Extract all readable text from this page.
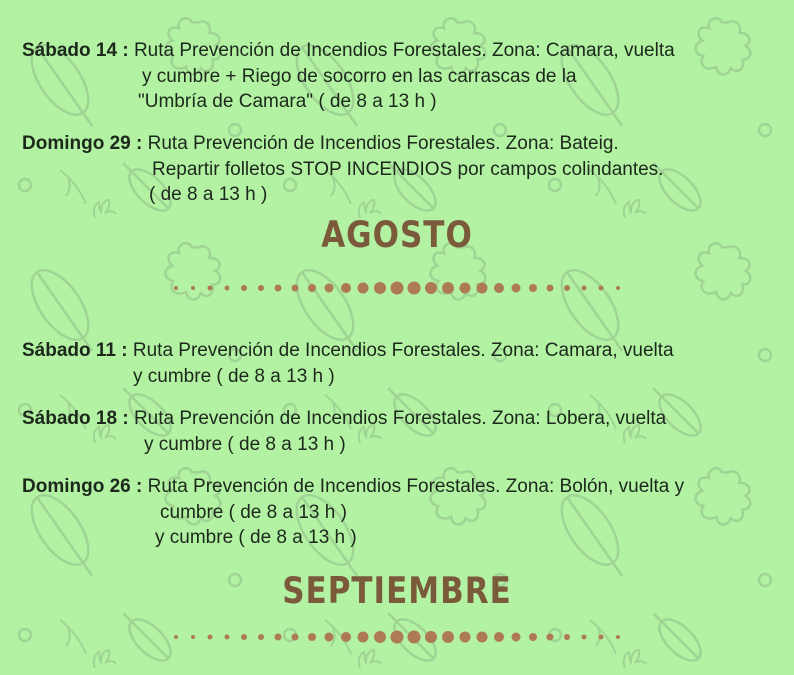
Sábado 14 : Ruta Prevención de Incendios Forestales. Zona: Camara, vuelta
y cumbre + Riego de socorro en las carrascas de la
"Umbría de Camara" ( de 8 a 13 h )
Domingo 29 : Ruta Prevención de Incendios Forestales. Zona: Bateig.
Repartir folletos STOP INCENDIOS por campos colindantes.
( de 8 a 13 h )
AGOSTO
Sábado 11 : Ruta Prevención de Incendios Forestales. Zona: Camara, vuelta
y cumbre ( de 8 a 13 h )
Sábado 18 : Ruta Prevención de Incendios Forestales. Zona: Lobera, vuelta
y cumbre ( de 8 a 13 h )
Domingo 26 : Ruta Prevención de Incendios Forestales. Zona: Bolón, vuelta y
cumbre ( de 8 a 13 h )
y cumbre ( de 8 a 13 h )
SEPTIEMBRE
